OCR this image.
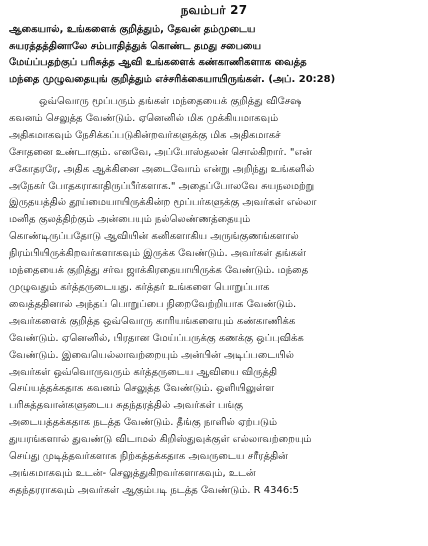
நவம்பர் 27
ஆகையால், உங்களைக் குறித்தும், தேவன் தம்முடைய
சுயரத்தத்தினாலே சம்பாதித்துக் கொண்ட தமது சபையை
மேய்ப்பதற்குப் பரிசுத்த ஆவி உங்களைக் கண்காணிகளாக வைத்த
மந்தை முழுவதையுங் குறித்தும் எச்சரிக்கையாயிருங்கள். (அப். 20:28)
ஒவ்வொரு மூப்பரும் தங்கள் மந்தையைக் குறித்து விசேஷ
கவனம் செலுத்த வேண்டும். ஏனெனில் மிக முக்கியமாகவும்
அதிகமாகவும் நேசிக்கப்படுகின்றவர்களுக்கு மிக அதிகமாகச்
சோதனை உண்டாகும். எனவே, அப்போஸ்தலன் சொல்கிறார். "என்
சகோதரரே, அதிக ஆக்கினை அடைவோம் என்று அறிந்து உங்களில்
அநேகர் போதகராகாதிருப்பீர்களாக." அதைப்போலவே சுயநலமற்று
இருதயத்தில் தூய்மையாயிருக்கின்ற மூப்பர்களுக்கு அவர்கள் எல்லா
மனித குலத்திற்கும் அன்பையும் நல்லெண்ணத்தையும்
கொண்டிருப்பதோடு ஆவியின் கனிகளாகிய அருங்குணங்களால்
நிரம்பியிருக்கிறவர்களாகவும் இருக்க வேண்டும். அவர்கள் தங்கள்
மந்தையைக் குறித்து சர்வ ஜாக்கிரதையாயிருக்க வேண்டும். மந்தை
முழுவதும் கர்த்தருடையது. கர்த்தர் உங்களை பொறுப்பாக
வைத்ததினால் அந்தப் பொறுப்பை நிறைவேற்றியாக வேண்டும்.
அவர்களைக் குறித்த ஒவ்வொரு காரியங்களையும் கண்காணிக்க
வேண்டும். ஏனெனில், பிரதான மேய்ப்பருக்கு கணக்கு ஒப்புவிக்க
வேண்டும். இவையெல்லாவற்றையும் அன்பின் அடிப்படையில்
அவர்கள் ஒவ்வொருவரும் கர்த்தருடைய ஆவியை விருத்தி
செய்யத்தக்கதாக கவனம் செலுத்த வேண்டும். ஒளியிலுள்ள
பரிசுத்தவான்களுடைய சுதந்தரத்தில் அவர்கள் பங்கு
அடையத்தக்கதாக நடத்த வேண்டும். தீங்கு நாளில் ஏற்படும்
துயரங்களால் துவண்டு விடாமல் கிறிஸ்துவுக்குள் எல்லாவற்றையும்
செய்து முடித்தவர்களாக நிற்கத்தக்கதாக அவருடைய சரீரத்தின்
அங்கமாகவும் உடன்- செலுத்துகிறவர்களாகவும், உடன்
சுதந்தரராகவும் அவர்கள் ஆகும்படி நடத்த வேண்டும். R 4346:5
